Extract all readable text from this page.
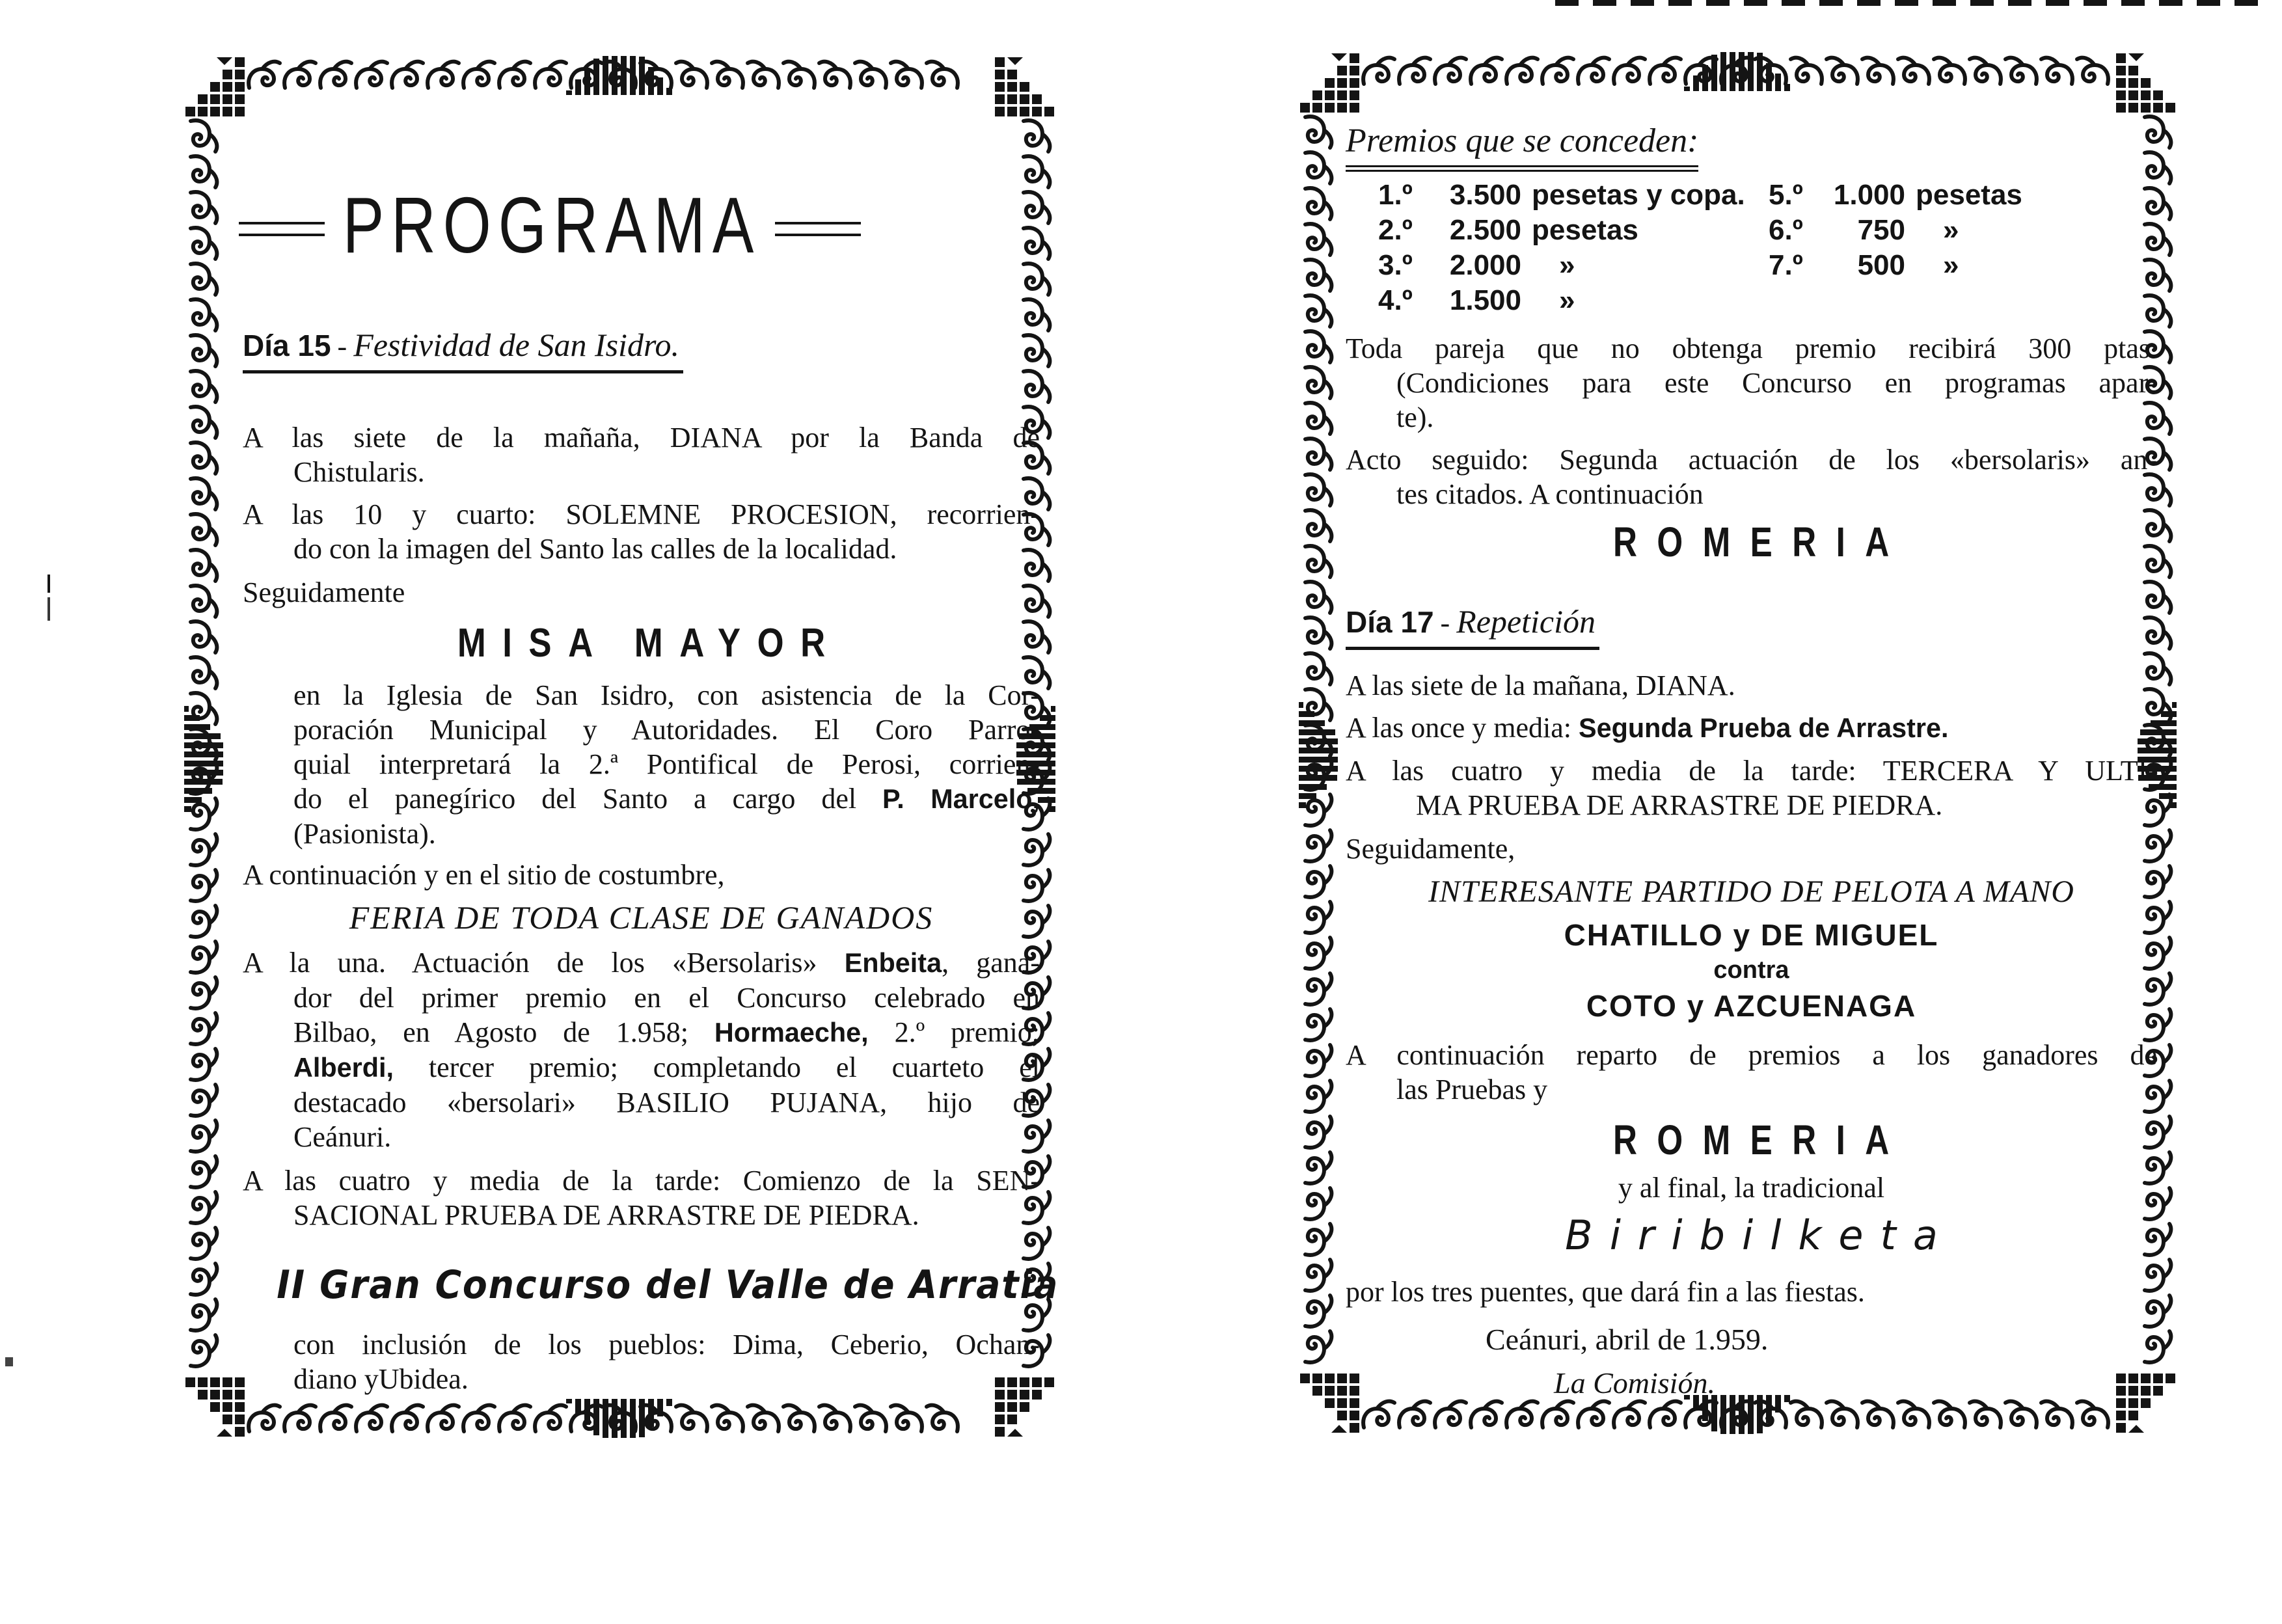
PROGRAMA
Día 15 - Festividad de San Isidro.
A las siete de la mañaña, DIANA por la Banda de
Chistularis.
A las 10 y cuarto: SOLEMNE PROCESION, recorrien-
do con la imagen del Santo las calles de la localidad.
Seguidamente
MISA MAYOR
en la Iglesia de San Isidro, con asistencia de la Cor-
poración Municipal y Autoridades. El Coro Parro-
quial interpretará la 2.ª Pontifical de Perosi, corrien-
do el panegírico del Santo a cargo del P. Marcelo,
(Pasionista).
A continuación y en el sitio de costumbre,
FERIA DE TODA CLASE DE GANADOS
A la una. Actuación de los «Bersolaris» Enbeita, gana-
dor del primer premio en el Concurso celebrado en
Bilbao, en Agosto de 1.958; Hormaeche, 2.º premio;
Alberdi, tercer premio; completando el cuarteto el
destacado «bersolari» BASILIO PUJANA, hijo de
Ceánuri.
A las cuatro y media de la tarde: Comienzo de la SEN-
SACIONAL PRUEBA DE ARRASTRE DE PIEDRA.
II Gran Concurso del Valle de Arratia
con inclusión de los pueblos: Dima, Ceberio, Ochan-
diano yUbidea.
Premios que se conceden:
1.º	3.500 pesetas y copa.
2.º	2.500 pesetas
3.º	2.000 »
4.º	1.500 »
5.º	1.000 pesetas
6.º	750 »
7.º	500 »
Toda pareja que no obtenga premio recibirá 300 ptas.
(Condiciones para este Concurso en programas apar-
te).
Acto seguido: Segunda actuación de los «bersolaris» an-
tes citados. A continuación
ROMERIA
Día 17 - Repetición
A las siete de la mañana, DIANA.
A las once y media: Segunda Prueba de Arrastre.
A las cuatro y media de la tarde: TERCERA Y ULTI-
MA PRUEBA DE ARRASTRE DE PIEDRA.
Seguidamente,
INTERESANTE PARTIDO DE PELOTA A MANO
CHATILLO y DE MIGUEL
contra
COTO y AZCUENAGA
A continuación reparto de premios a los ganadores de
las Pruebas y
ROMERIA
y al final, la tradicional
Biribilketa
por los tres puentes, que dará fin a las fiestas.
Ceánuri, abril de 1.959.
La Comisión.
